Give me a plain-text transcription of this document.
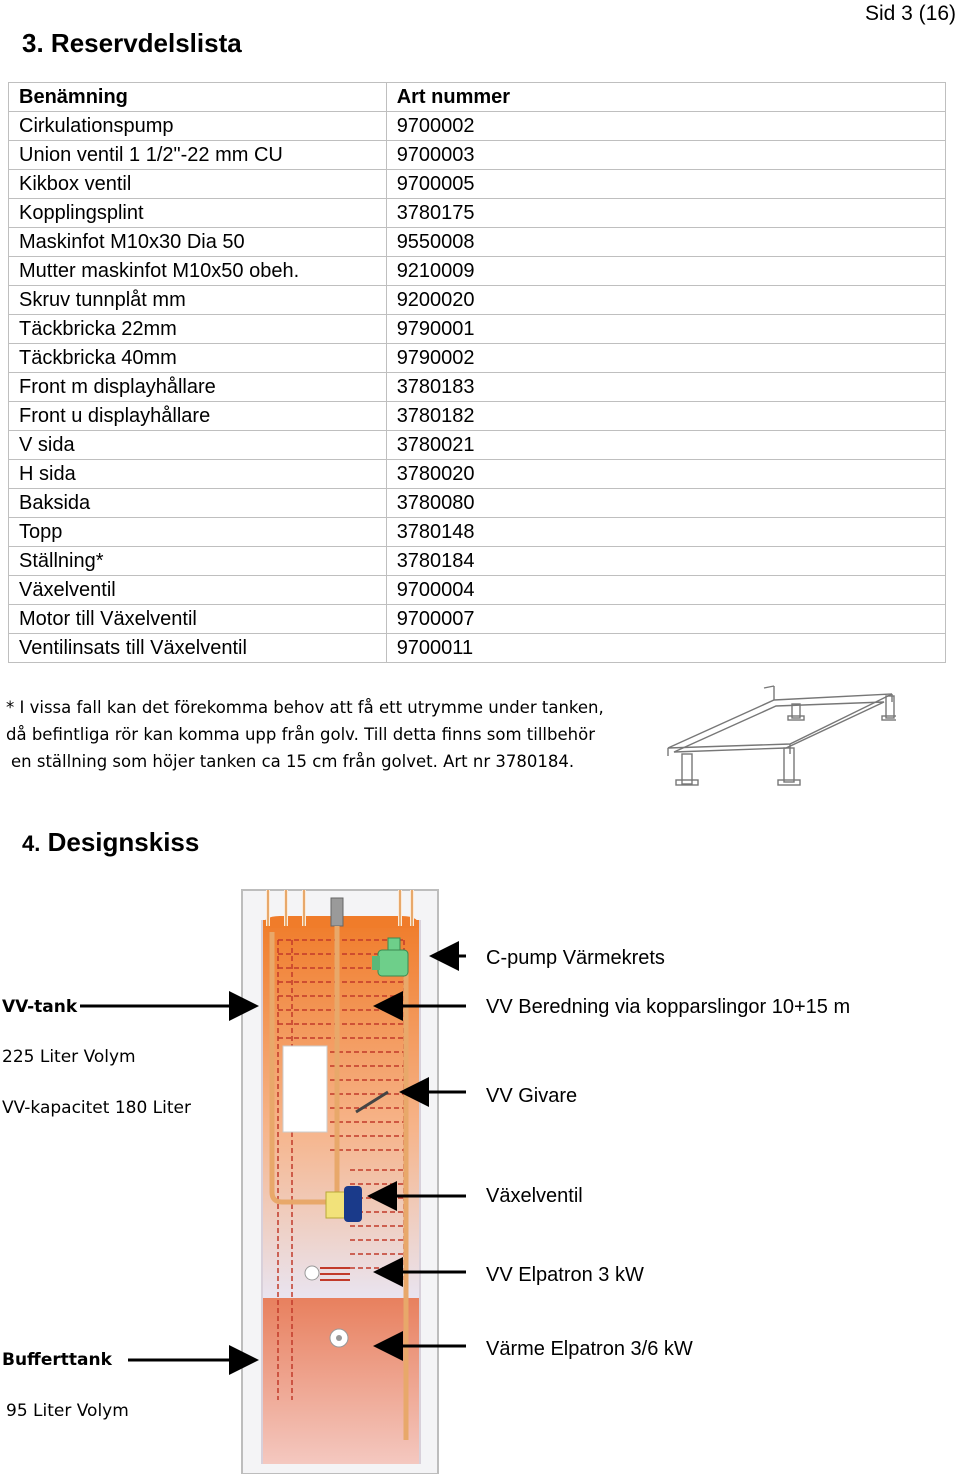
Sid 3 (16)
3. Reservdelslista
Benämning	Art nummer
Cirkulationspump	9700002
Union ventil 1 1/2"-22 mm CU	9700003
Kikbox ventil	9700005
Kopplingsplint	3780175
Maskinfot M10x30 Dia 50	9550008
Mutter maskinfot M10x50 obeh.	9210009
Skruv tunnplåt mm	9200020
Täckbricka 22mm	9790001
Täckbricka 40mm	9790002
Front m displayhållare	3780183
Front u displayhållare	3780182
V sida	3780021
H sida	3780020
Baksida	3780080
Topp	3780148
Ställning*	3780184
Växelventil	9700004
Motor till Växelventil	9700007
Ventilinsats till Växelventil	9700011
* I vissa fall kan det förekomma behov att få ett utrymme under tanken,
då befintliga rör kan komma upp från golv. Till detta finns som tillbehör
en ställning som höjer tanken ca 15 cm från golvet. Art nr 3780184.
4. Designskiss
VV-tank
225 Liter Volym
VV-kapacitet 180 Liter
Bufferttank
95 Liter Volym
C-pump Värmekrets
VV Beredning via kopparslingor 10+15 m
VV Givare
Växelventil
VV Elpatron 3 kW
Värme Elpatron 3/6 kW
